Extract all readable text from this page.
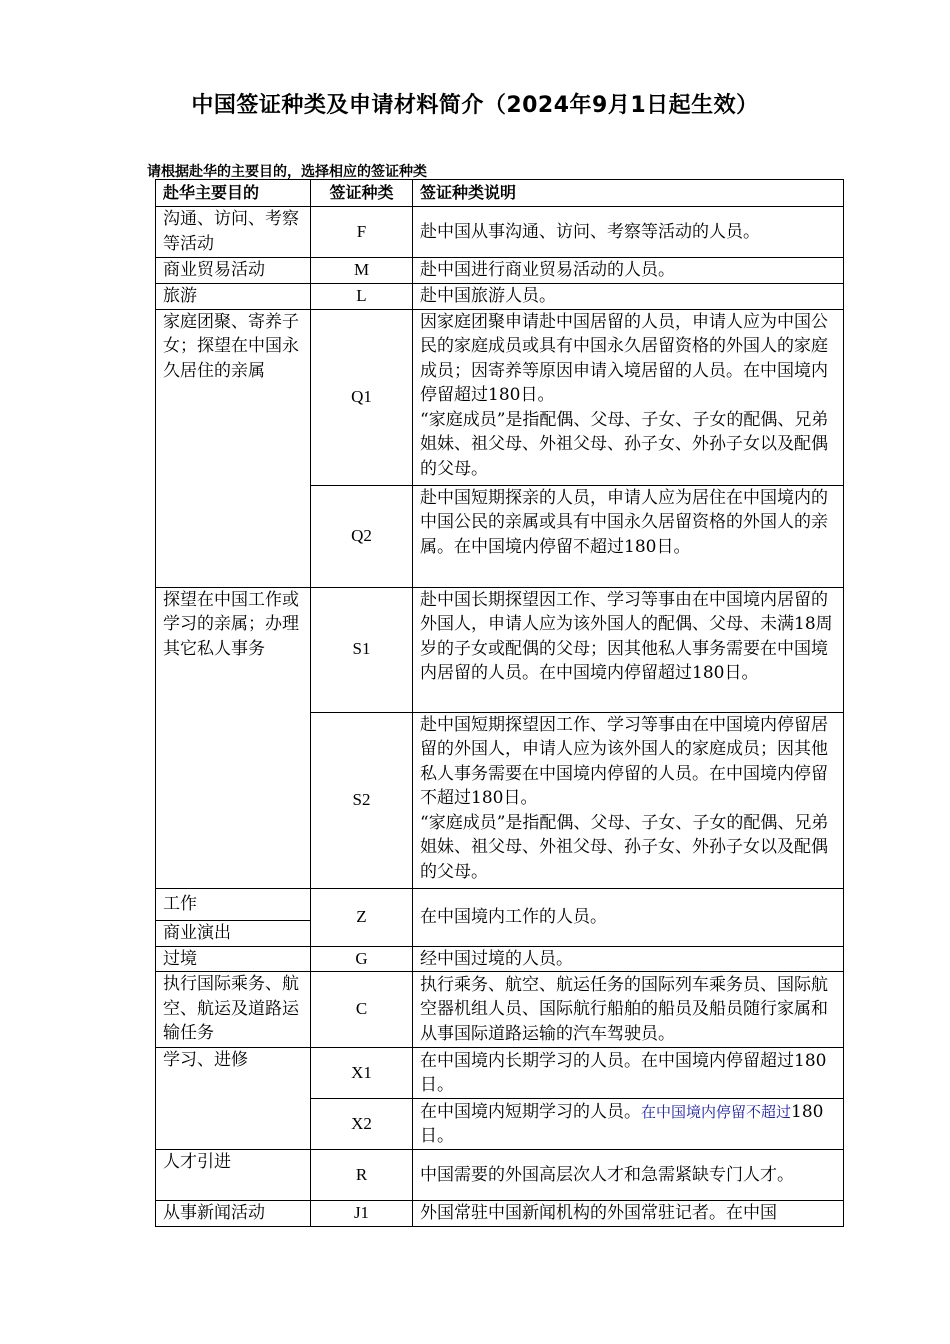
中国签证种类及申请材料简介（2024年9月1日起生效）
请根据赴华的主要目的，选择相应的签证种类
赴华主要目的	签证种类	签证种类说明
沟通、访问、考察等活动	F	赴中国从事沟通、访问、考察等活动的人员。
商业贸易活动	M	赴中国进行商业贸易活动的人员。
旅游	L	赴中国旅游人员。
家庭团聚、寄养子女；探望在中国永久居住的亲属	Q1	因家庭团聚申请赴中国居留的人员，申请人应为中国公民的家庭成员或具有中国永久居留资格的外国人的家庭成员；因寄养等原因申请入境居留的人员。在中国境内停留超过180日。
“家庭成员”是指配偶、父母、子女、子女的配偶、兄弟姐妹、祖父母、外祖父母、孙子女、外孙子女以及配偶的父母。

	Q2	赴中国短期探亲的人员，申请人应为居住在中国境内的中国公民的亲属或具有中国永久居留资格的外国人的亲属。在中国境内停留不超过180日。
探望在中国工作或学习的亲属；办理其它私人事务	S1	赴中国长期探望因工作、学习等事由在中国境内居留的外国人，申请人应为该外国人的配偶、父母、未满18周岁的子女或配偶的父母；因其他私人事务需要在中国境内居留的人员。在中国境内停留超过180日。
	S2	赴中国短期探望因工作、学习等事由在中国境内停留居留的外国人，申请人应为该外国人的家庭成员；因其他私人事务需要在中国境内停留的人员。在中国境内停留不超过180日。
“家庭成员”是指配偶、父母、子女、子女的配偶、兄弟姐妹、祖父母、外祖父母、孙子女、外孙子女以及配偶的父母。

工作	Z	在中国境内工作的人员。
商业演出		
过境	G	经中国过境的人员。
执行国际乘务、航空、航运及道路运输任务	C	执行乘务、航空、航运任务的国际列车乘务员、国际航空器机组人员、国际航行船舶的船员及船员随行家属和从事国际道路运输的汽车驾驶员。
学习、进修	X1	在中国境内长期学习的人员。在中国境内停留超过180日。
	X2	在中国境内短期学习的人员。在中国境内停留不超过180日。
人才引进	R	中国需要的外国高层次人才和急需紧缺专门人才。
从事新闻活动	J1	外国常驻中国新闻机构的外国常驻记者。在中国
